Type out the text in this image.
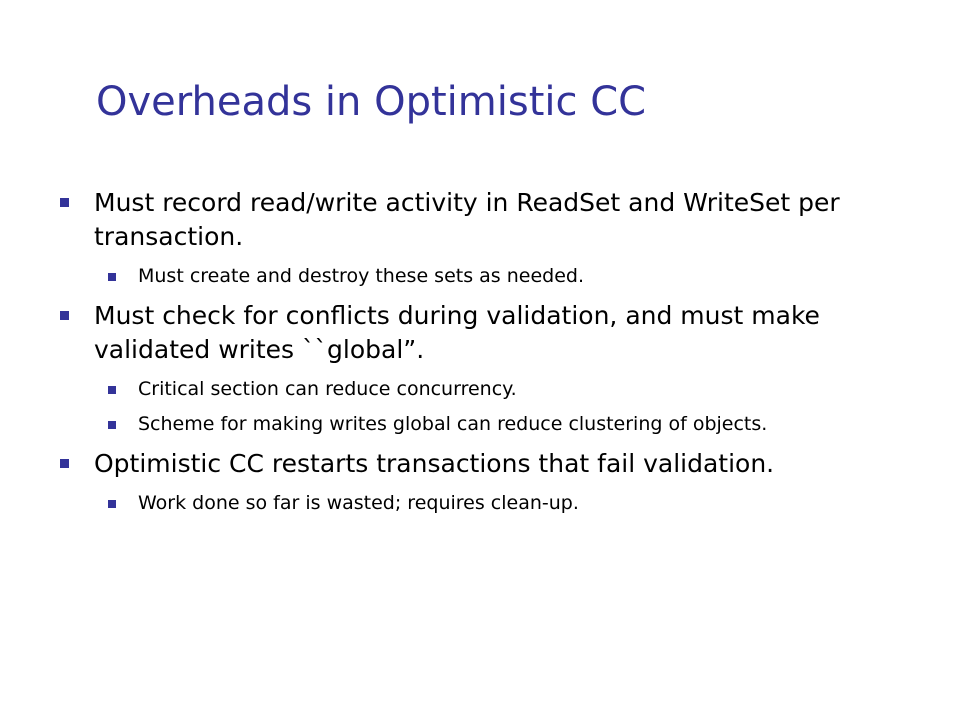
Overheads in Optimistic CC
Must record read/write activity in ReadSet and WriteSet per transaction.
Must create and destroy these sets as needed.
Must check for conflicts during validation, and must make validated writes ``global”.
Critical section can reduce concurrency.
Scheme for making writes global can reduce clustering of objects.
Optimistic CC restarts transactions that fail validation.
Work done so far is wasted; requires clean-up.
